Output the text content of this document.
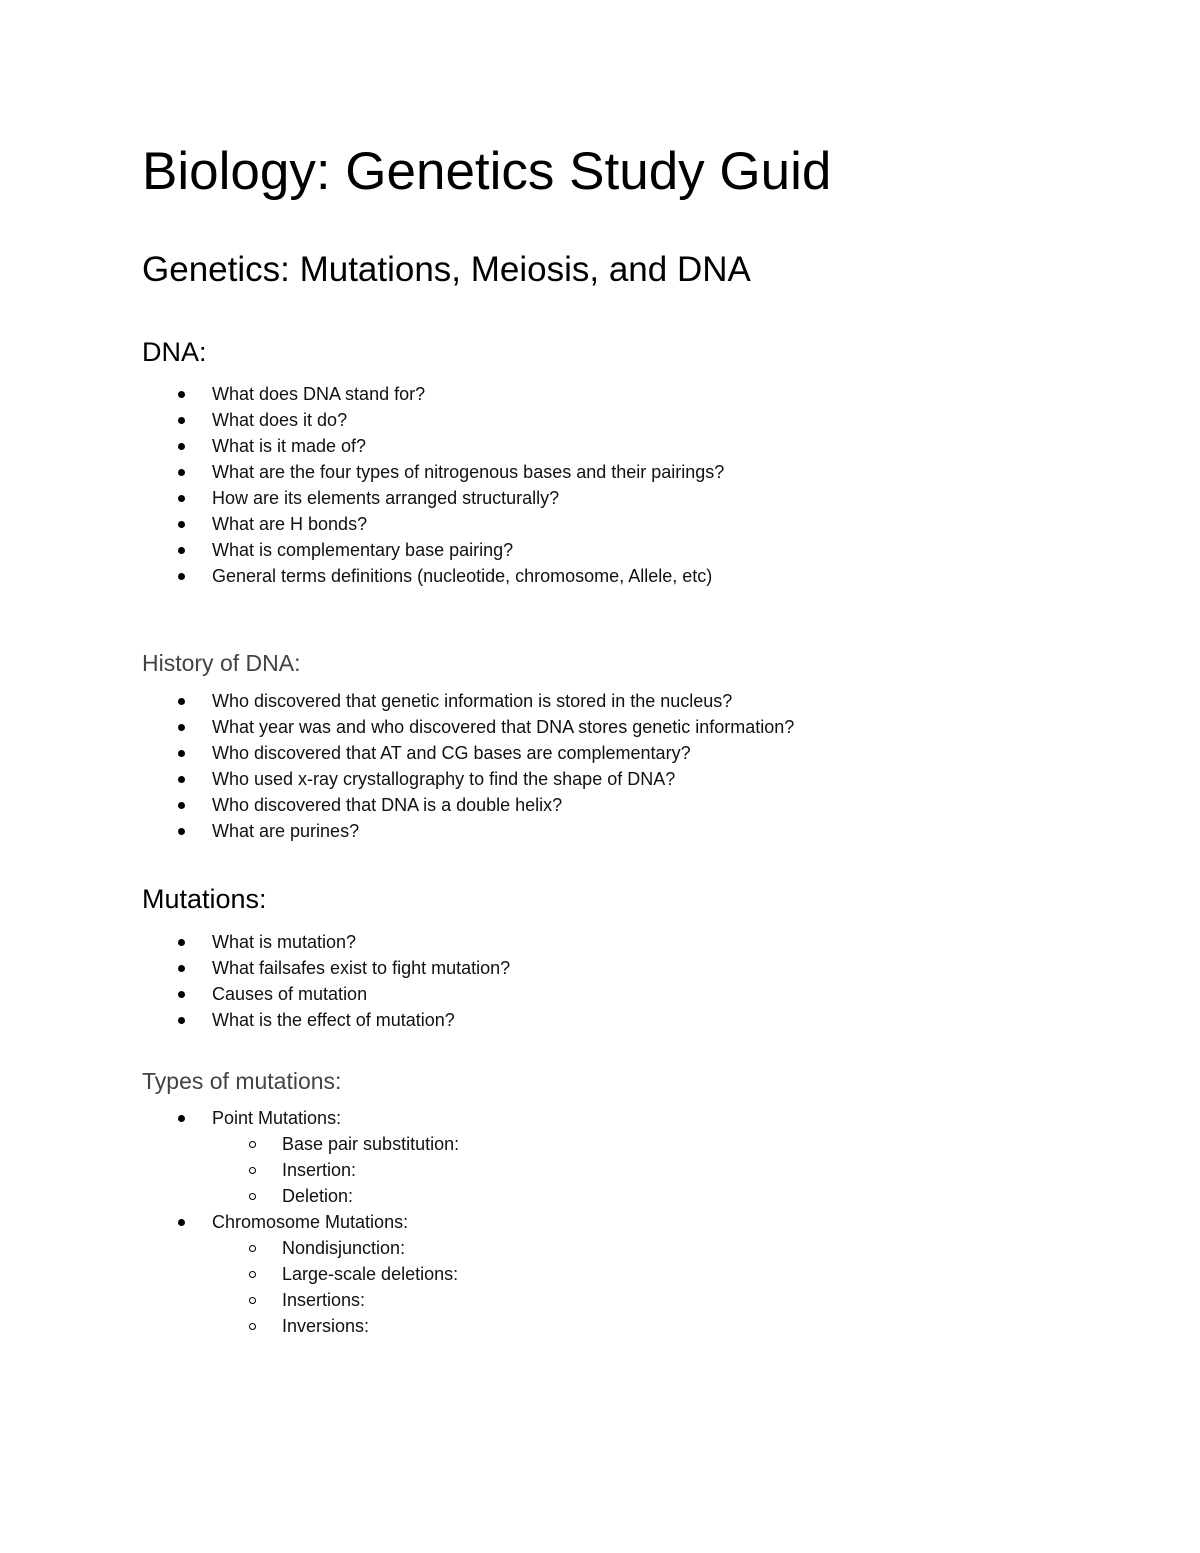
Biology: Genetics Study Guid
Genetics: Mutations, Meiosis, and DNA
DNA:
What does DNA stand for?
What does it do?
What is it made of?
What are the four types of nitrogenous bases and their pairings?
How are its elements arranged structurally?
What are H bonds?
What is complementary base pairing?
General terms definitions (nucleotide, chromosome, Allele, etc)
History of DNA:
Who discovered that genetic information is stored in the nucleus?
What year was and who discovered that DNA stores genetic information?
Who discovered that AT and CG bases are complementary?
Who used x-ray crystallography to find the shape of DNA?
Who discovered that DNA is a double helix?
What are purines?
Mutations:
What is mutation?
What failsafes exist to fight mutation?
Causes of mutation
What is the effect of mutation?
Types of mutations:
Point Mutations:
Base pair substitution:
Insertion:
Deletion:
Chromosome Mutations:
Nondisjunction:
Large-scale deletions:
Insertions:
Inversions:
